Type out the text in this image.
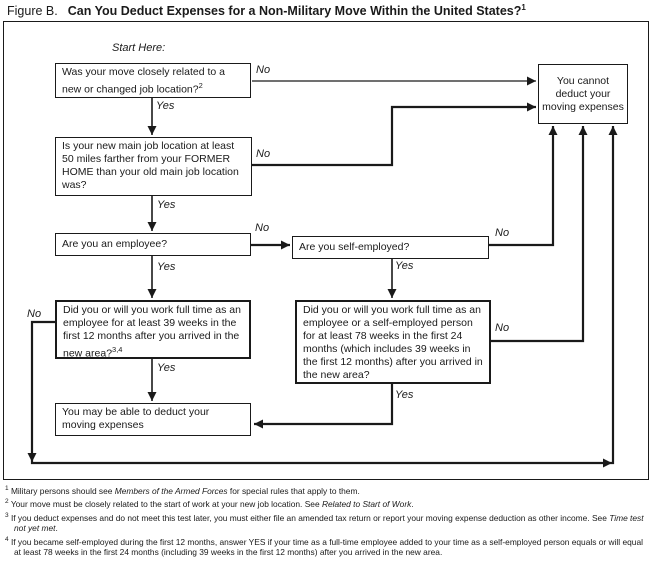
Figure B. Can You Deduct Expenses for a Non-Military Move Within the United States?$^1$
Start Here:
Was your move closely related to a new or changed job location?$^2$	You cannot deduct your moving expenses
Is your new main job location at least 50 miles farther from your FORMER HOME than your old main job location was?
Are you an employee?	Are you self-employed?
Did you or will you work full time as an employee for at least 39 weeks in the first 12 months after you arrived in the new area?$^{3,4}$
Did you or will you work full time as an employee or a self-employed person for at least 78 weeks in the first 24 months (which includes 39 weeks in the first 12 months) after you arrived in the new area?
You may be able to deduct your moving expenses
No
Yes
No
Yes
No
Yes
No
Yes
No
Yes
No
Yes

$^1$ Military persons should see Members of the Armed Forces for special rules that apply to them.

$^2$ Your move must be closely related to the start of work at your new job location. See Related to Start of Work.

$^3$ If you deduct expenses and do not meet this test later, you must either file an amended tax return or report your moving expense deduction as other income. See Time test not yet met.

$^4$ If you became self-employed during the first 12 months, answer YES if your time as a full-time employee added to your time as a self-employed person equals or will equal at least 78 weeks in the first 24 months (including 39 weeks in the first 12 months) after you arrived in the new area.
